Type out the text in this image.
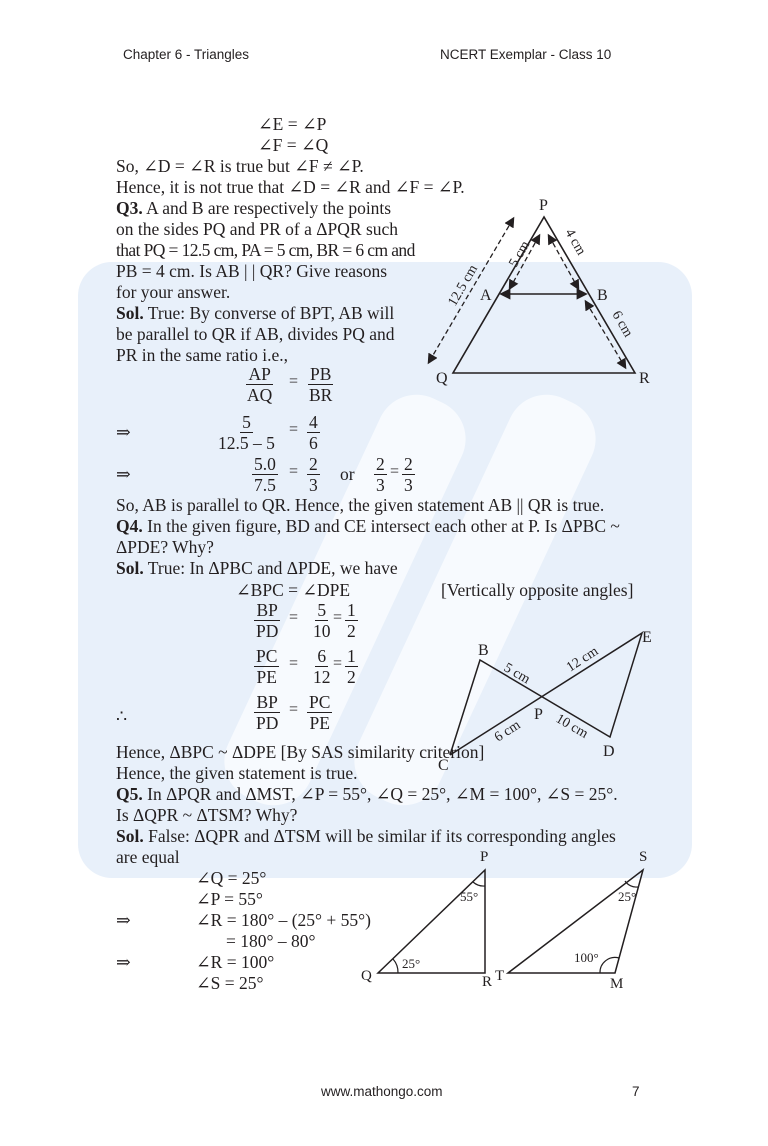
Chapter 6 - Triangles	NCERT Exemplar - Class 10
∠E = ∠P
∠F = ∠Q
So, ∠D = ∠R is true but ∠F ≠ ∠P.
Hence, it is not true that ∠D = ∠R and ∠F = ∠P.
Q3. A and B are respectively the points
on the sides PQ and PR of a ΔPQR such
that PQ = 12.5 cm, PA = 5 cm, BR = 6 cm and
PB = 4 cm. Is AB | | QR? Give reasons
for your answer.
Sol. True: By converse of BPT, AB will
be parallel to QR if AB, divides PQ and
PR in the same ratio i.e.,
$\frac{AP}{AQ} = \frac{PB}{BR}$
⇒	$\frac{5}{12.5 - 5} = \frac{4}{6}$
⇒	$\frac{5.0}{7.5} = \frac{2}{3}$ or $\frac{2}{3} = \frac{2}{3}$
So, AB is parallel to QR. Hence, the given statement AB || QR is true.
P
Q	R
A	B
12.5 cm
5 cm 4 cm
6 cm
Q4. In the given figure, BD and CE intersect each other at P. Is ΔPBC ~
ΔPDE? Why?
Sol. True: In ΔPBC and ΔPDE, we have
∠BPC = ∠DPE	[Vertically opposite angles]
$\frac{BP}{PD} = \frac{5}{10} = \frac{1}{2}$
$\frac{PC}{PE} = \frac{6}{12} = \frac{1}{2}$
∴	$\frac{BP}{PD} = \frac{PC}{PE}$
Hence, ΔBPC ~ ΔDPE [By SAS similarity criterion]
Hence, the given statement is true.
B
C
D
E
P
5 cm 12 cm
6 cm 10 cm
Q5. In ΔPQR and ΔMST, ∠P = 55°, ∠Q = 25°, ∠M = 100°, ∠S = 25°.
Is ΔQPR ~ ΔTSM? Why?
Sol. False: ΔQPR and ΔTSM will be similar if its corresponding angles
are equal
∠Q = 25°
∠P = 55°
⇒	∠R = 180° – (25° + 55°)
= 180° – 80°
⇒	∠R = 100°
∠S = 25°
P
Q	R
55°
25°
S
T	M
25°
100°
www.mathongo.com	7
